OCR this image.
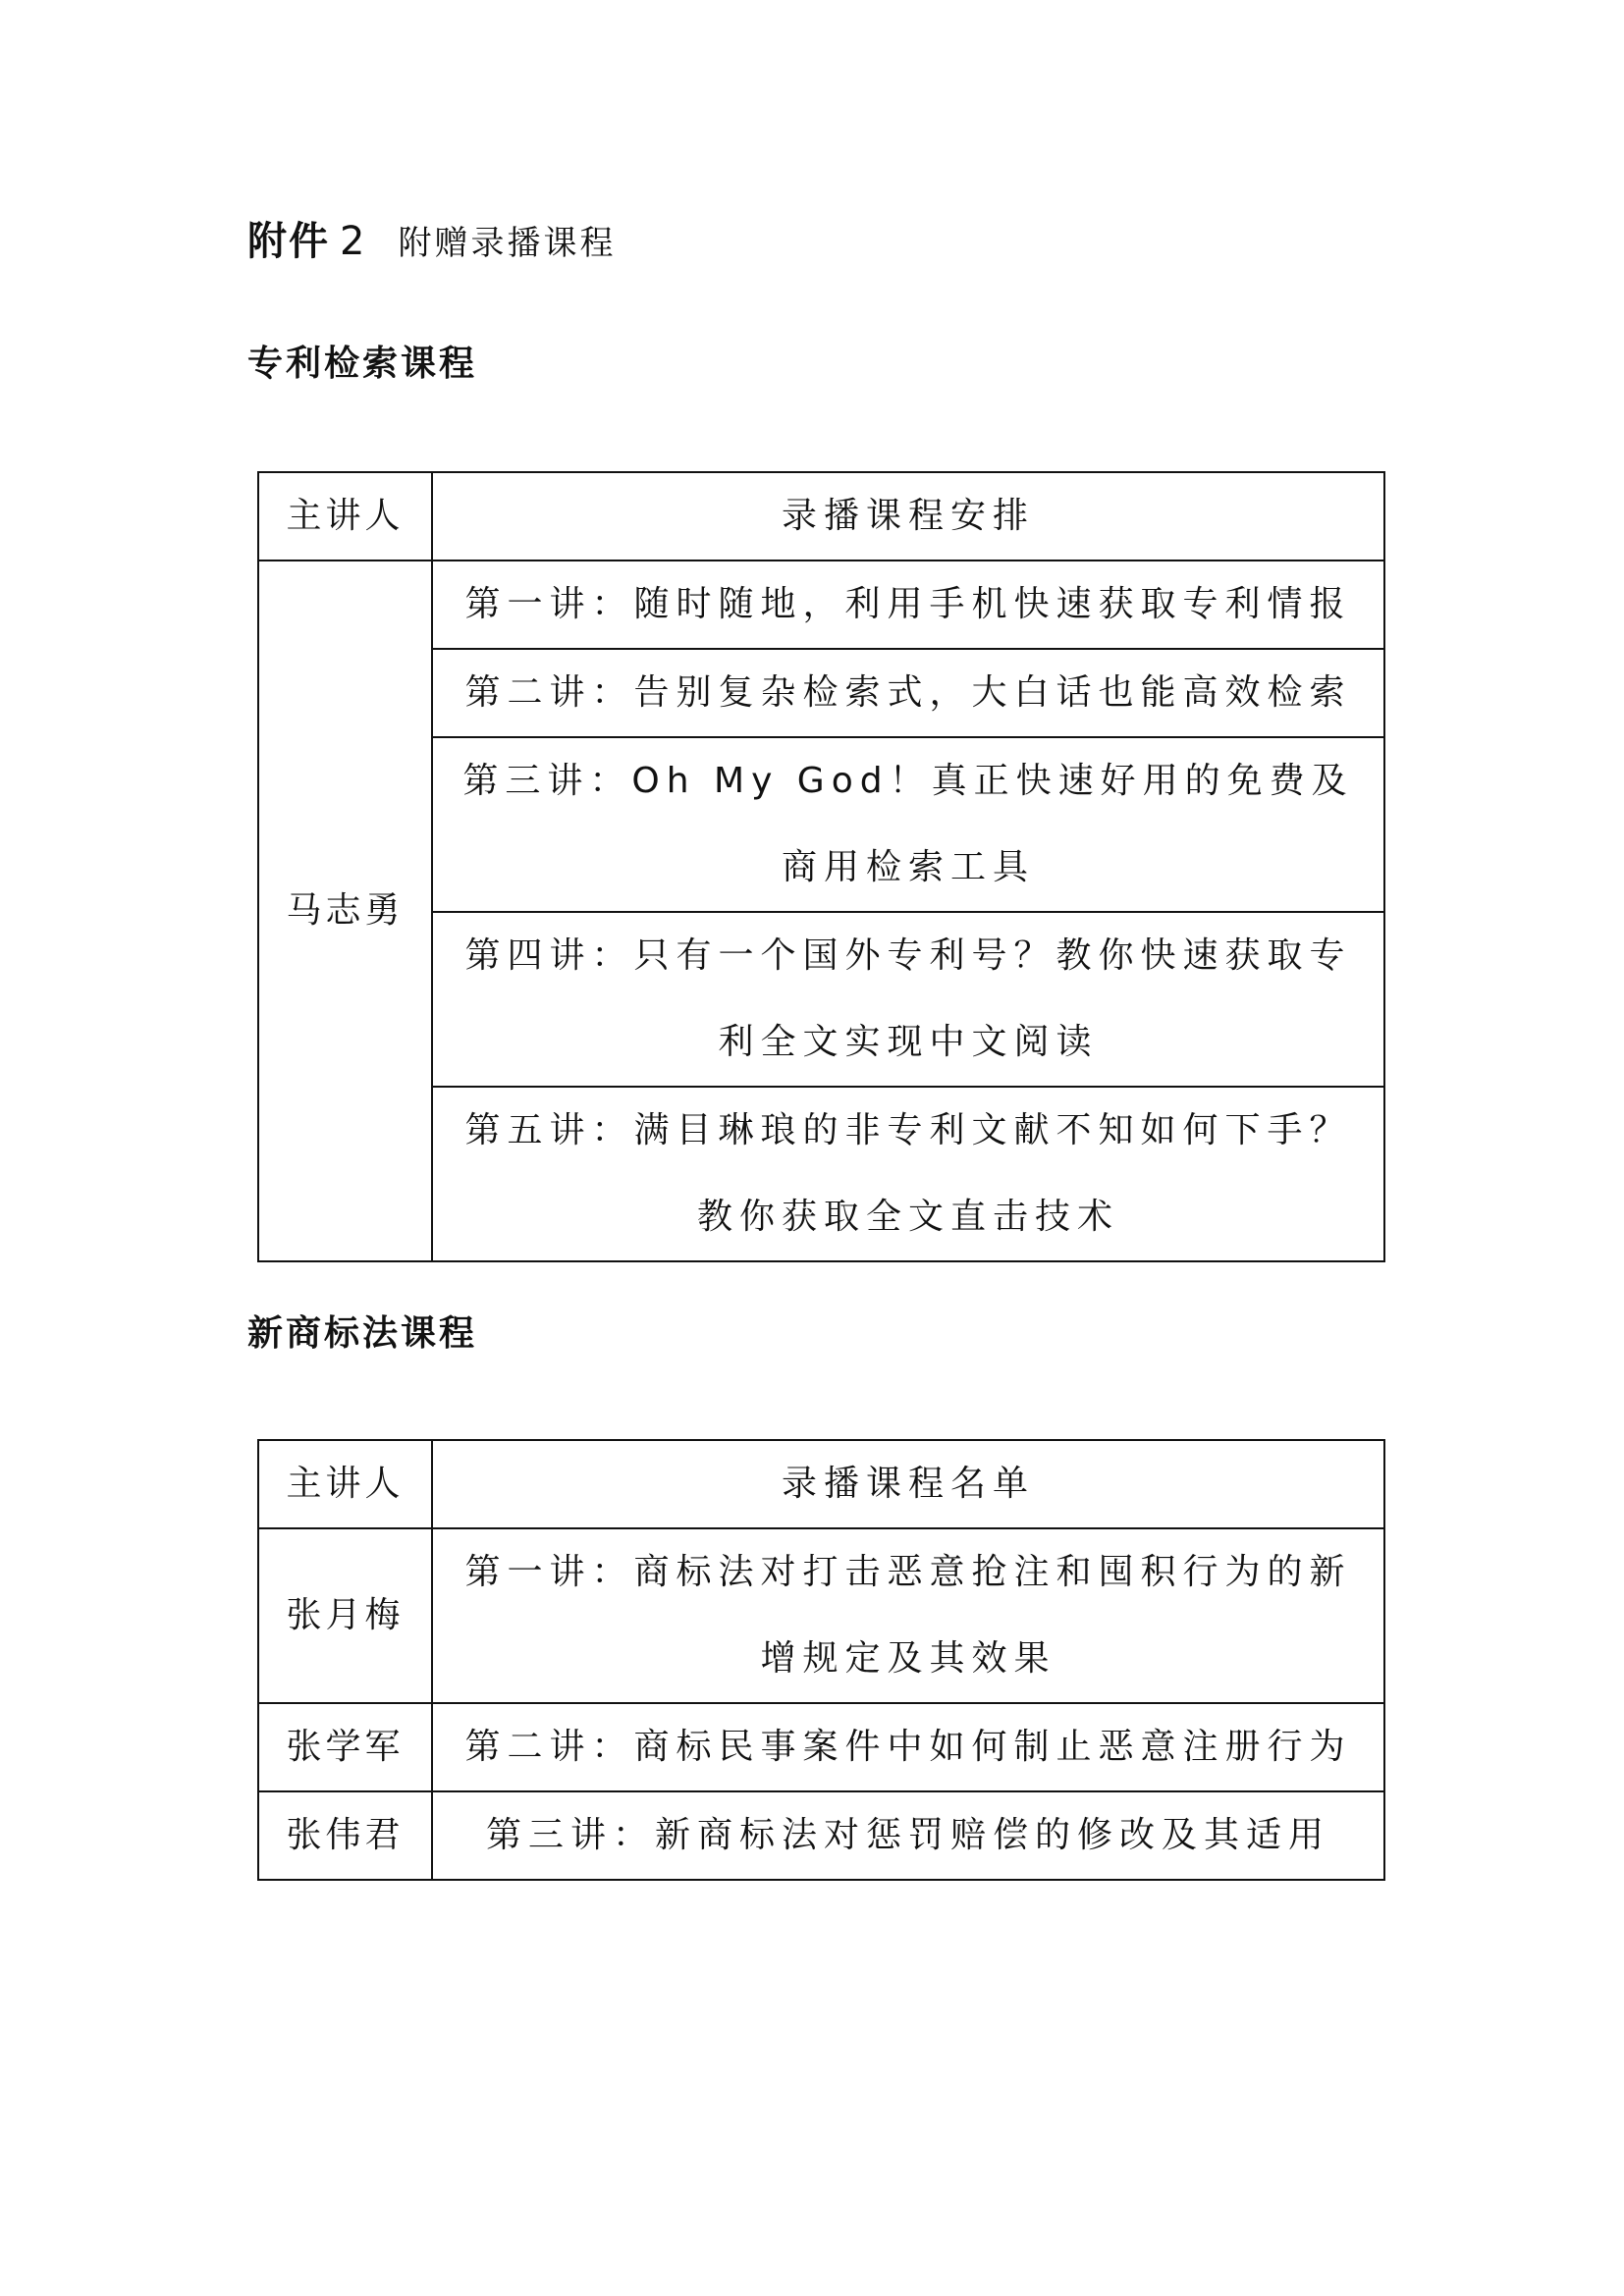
附件 2 附赠录播课程
专利检索课程
主讲人	录播课程安排
马志勇	第一讲：随时随地，利用手机快速获取专利情报
	第二讲：告别复杂检索式，大白话也能高效检索
	第三讲：Oh My God！真正快速好用的免费及商用检索工具
	第四讲：只有一个国外专利号？教你快速获取专利全文实现中文阅读
	第五讲：满目琳琅的非专利文献不知如何下手？教你获取全文直击技术
新商标法课程
主讲人	录播课程名单
张月梅	第一讲：商标法对打击恶意抢注和囤积行为的新增规定及其效果
张学军	第二讲：商标民事案件中如何制止恶意注册行为
张伟君	第三讲：新商标法对惩罚赔偿的修改及其适用
